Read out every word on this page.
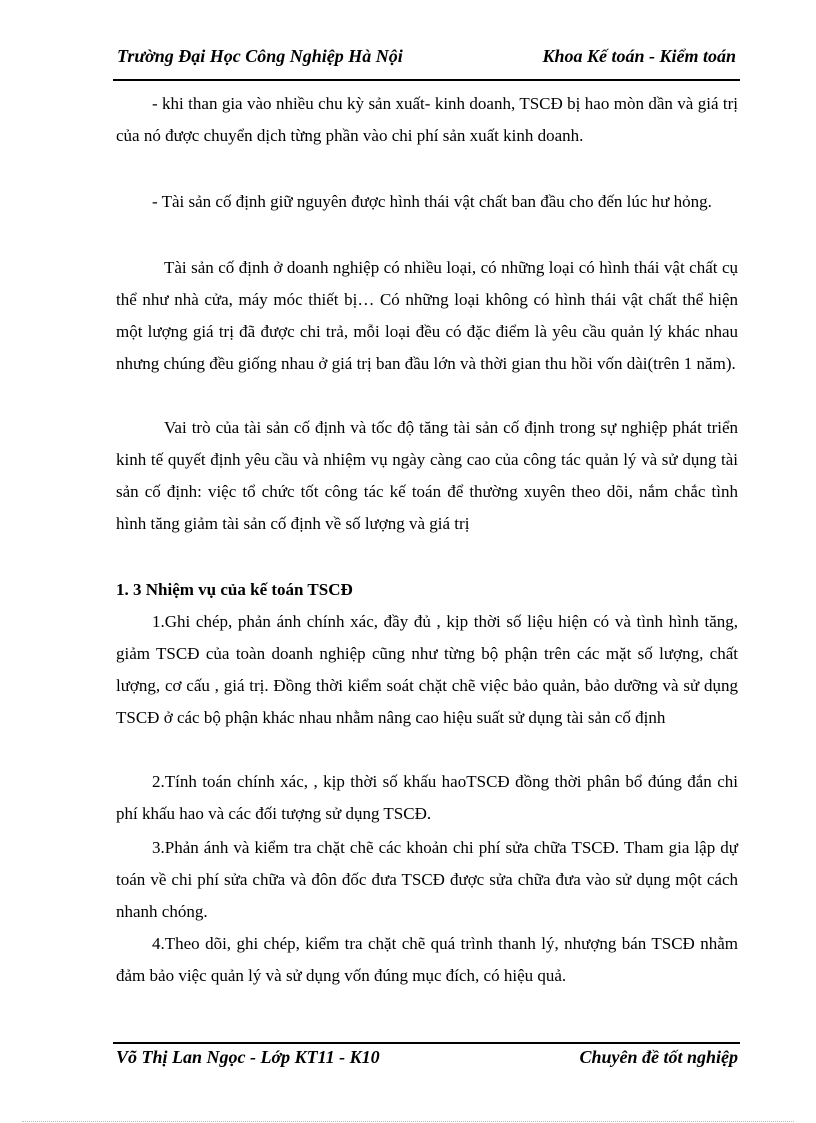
Trường Đại Học Công Nghiệp Hà Nội	Khoa Kế toán - Kiểm toán

- khi than gia vào nhiều chu kỳ sản xuất- kinh doanh, TSCĐ bị hao mòn dần và giá trị của nó được chuyển dịch từng phần vào chi phí sản xuất kinh doanh.

- Tài sản cố định giữ nguyên được hình thái vật chất ban đầu cho đến lúc hư hỏng.

Tài sản cố định ở doanh nghiệp có nhiều loại, có những loại có hình thái vật chất cụ thể như nhà cửa, máy móc thiết bị… Có những loại không có hình thái vật chất thể hiện một lượng giá trị đã được chi trả, mỗi loại đều có đặc điểm là yêu cầu quản lý khác nhau nhưng chúng đều giống nhau ở giá trị ban đầu lớn và thời gian thu hồi vốn dài(trên 1 năm).

Vai trò của tài sản cố định và tốc độ tăng tài sản cố định trong sự nghiệp phát triển kinh tế quyết định yêu cầu và nhiệm vụ ngày càng cao của công tác quản lý và sử dụng tài sản cố định: việc tổ chức tốt công tác kế toán để thường xuyên theo dõi, nắm chắc tình hình tăng giảm tài sản cố định về số lượng và giá trị

1. 3 Nhiệm vụ của kế toán TSCĐ

1.Ghi chép, phản ánh chính xác, đầy đủ , kịp thời số liệu hiện có và tình hình tăng, giảm TSCĐ của toàn doanh nghiệp cũng như từng bộ phận trên các mặt số lượng, chất lượng, cơ cấu , giá trị. Đồng thời kiểm soát chặt chẽ việc bảo quản, bảo dưỡng và sử dụng TSCĐ ở các bộ phận khác nhau nhằm nâng cao hiệu suất sử dụng tài sản cố định

2.Tính toán chính xác, , kịp thời số khấu haoTSCĐ đồng thời phân bổ đúng đắn chi phí khấu hao và các đối tượng sử dụng TSCĐ.

3.Phản ánh và kiểm tra chặt chẽ các khoản chi phí sửa chữa TSCĐ. Tham gia lập dự toán về chi phí sửa chữa và đôn đốc đưa TSCĐ được sửa chữa đưa vào sử dụng một cách nhanh chóng.

4.Theo dõi, ghi chép, kiểm tra chặt chẽ quá trình thanh lý, nhượng bán TSCĐ nhằm đảm bảo việc quản lý và sử dụng vốn đúng mục đích, có hiệu quả.

Võ Thị Lan Ngọc - Lớp KT11 - K10	Chuyên đề tốt nghiệp
